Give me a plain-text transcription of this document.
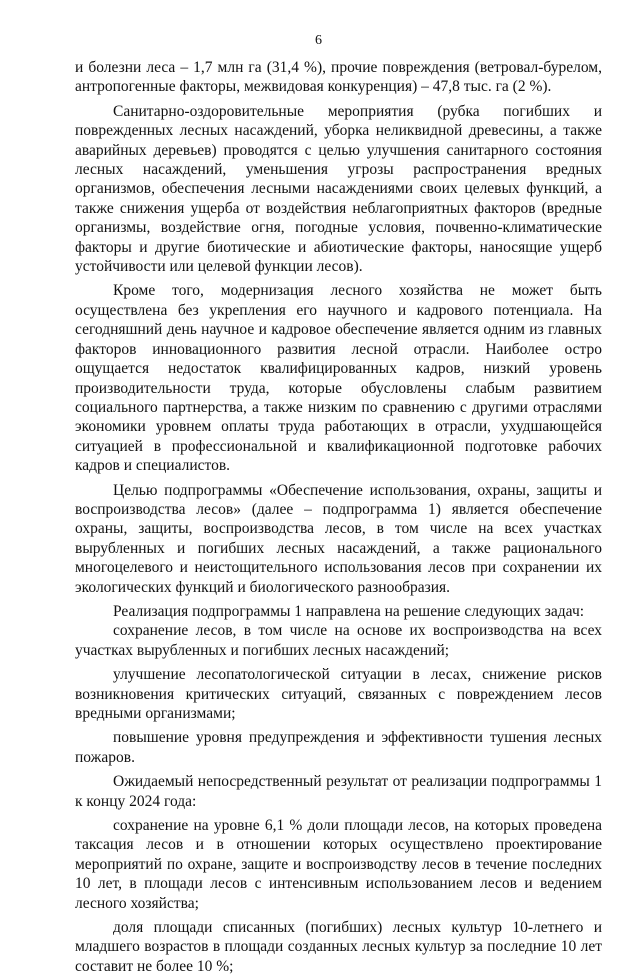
6

и болезни леса – 1,7 млн га (31,4 %), прочие повреждения (ветровал-бурелом, антропогенные факторы, межвидовая конкуренция) – 47,8 тыс. га (2 %).

Санитарно-оздоровительные мероприятия (рубка погибших и поврежденных лесных насаждений, уборка неликвидной древесины, а также аварийных деревьев) проводятся с целью улучшения санитарного состояния лесных насаждений, уменьшения угрозы распространения вредных организмов, обеспечения лесными насаждениями своих целевых функций, а также снижения ущерба от воздействия неблагоприятных факторов (вредные организмы, воздействие огня, погодные условия, почвенно-климатические факторы и другие биотические и абиотические факторы, наносящие ущерб устойчивости или целевой функции лесов).

Кроме того, модернизация лесного хозяйства не может быть осуществлена без укрепления его научного и кадрового потенциала. На сегодняшний день научное и кадровое обеспечение является одним из главных факторов инновационного развития лесной отрасли. Наиболее остро ощущается недостаток квалифицированных кадров, низкий уровень производительности труда, которые обусловлены слабым развитием социального партнерства, а также низким по сравнению с другими отраслями экономики уровнем оплаты труда работающих в отрасли, ухудшающейся ситуацией в профессиональной и квалификационной подготовке рабочих кадров и специалистов.

Целью подпрограммы «Обеспечение использования, охраны, защиты и воспроизводства лесов» (далее – подпрограмма 1) является обеспечение охраны, защиты, воспроизводства лесов, в том числе на всех участках вырубленных и погибших лесных насаждений, а также рационального многоцелевого и неистощительного использования лесов при сохранении их экологических функций и биологического разнообразия.

Реализация подпрограммы 1 направлена на решение следующих задач:

сохранение лесов, в том числе на основе их воспроизводства на всех участках вырубленных и погибших лесных насаждений;

улучшение лесопатологической ситуации в лесах, снижение рисков возникновения критических ситуаций, связанных с повреждением лесов вредными организмами;

повышение уровня предупреждения и эффективности тушения лесных пожаров.

Ожидаемый непосредственный результат от реализации подпрограммы 1 к концу 2024 года:

сохранение на уровне 6,1 % доли площади лесов, на которых проведена таксация лесов и в отношении которых осуществлено проектирование мероприятий по охране, защите и воспроизводству лесов в течение последних 10 лет, в площади лесов с интенсивным использованием лесов и ведением лесного хозяйства;

доля площади списанных (погибших) лесных культур 10-летнего и младшего возрастов в площади созданных лесных культур за последние 10 лет составит не более 10 %;
